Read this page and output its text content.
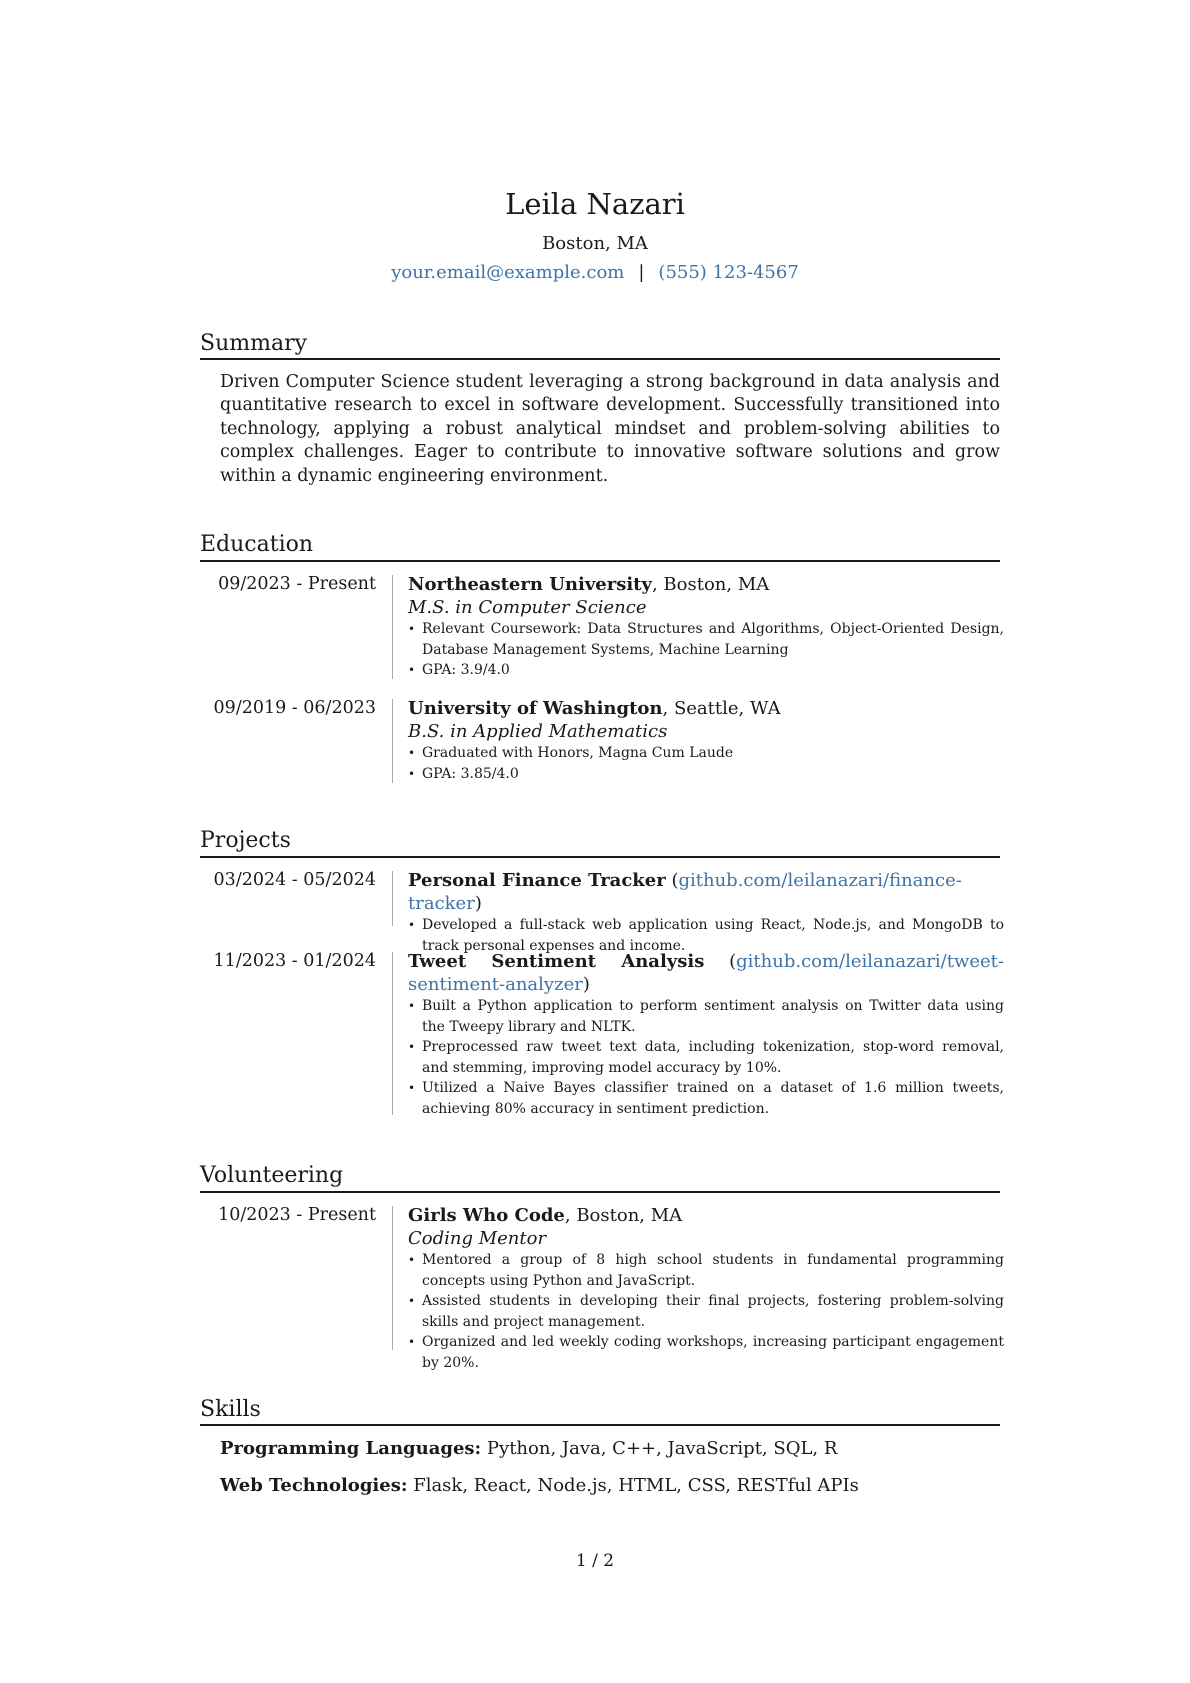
Leila Nazari
Boston, MA
your.email@example.com | (555) 123-4567
Summary

Driven Computer Science student leveraging a strong background in data analysis and quantitative research to excel in software development. Successfully transitioned into technology, applying a robust analytical mindset and problem-solving abilities to complex challenges. Eager to contribute to innovative software solutions and grow within a dynamic engineering environment.

Education
09/2023 - Present Northeastern University, Boston, MA

M.S. in Computer Science

• Relevant Coursework: Data Structures and Algorithms, Object-Oriented Design, Database Management Systems, Machine Learning
• GPA: 3.9/4.0
09/2019 - 06/2023 University of Washington, Seattle, WA

B.S. in Applied Mathematics

• Graduated with Honors, Magna Cum Laude
• GPA: 3.85/4.0
Projects
03/2024 - 05/2024 Personal Finance Tracker (github.com/leilanazari/finance-tracker)

• Developed a full-stack web application using React, Node.js, and MongoDB to track personal expenses and income.
11/2023 - 01/2024 Tweet Sentiment Analysis (github.com/leilanazari/tweet-sentiment-analyzer)

• Built a Python application to perform sentiment analysis on Twitter data using the Tweepy library and NLTK.
• Preprocessed raw tweet text data, including tokenization, stop-word removal, and stemming, improving model accuracy by 10%.
• Utilized a Naive Bayes classifier trained on a dataset of 1.6 million tweets, achieving 80% accuracy in sentiment prediction.
Volunteering
10/2023 - Present Girls Who Code, Boston, MA

Coding Mentor

• Mentored a group of 8 high school students in fundamental programming concepts using Python and JavaScript.
• Assisted students in developing their final projects, fostering problem-solving skills and project management.
• Organized and led weekly coding workshops, increasing participant engagement by 20%.
Skills

Programming Languages: Python, Java, C++, JavaScript, SQL, R

Web Technologies: Flask, React, Node.js, HTML, CSS, RESTful APIs

1 / 2
